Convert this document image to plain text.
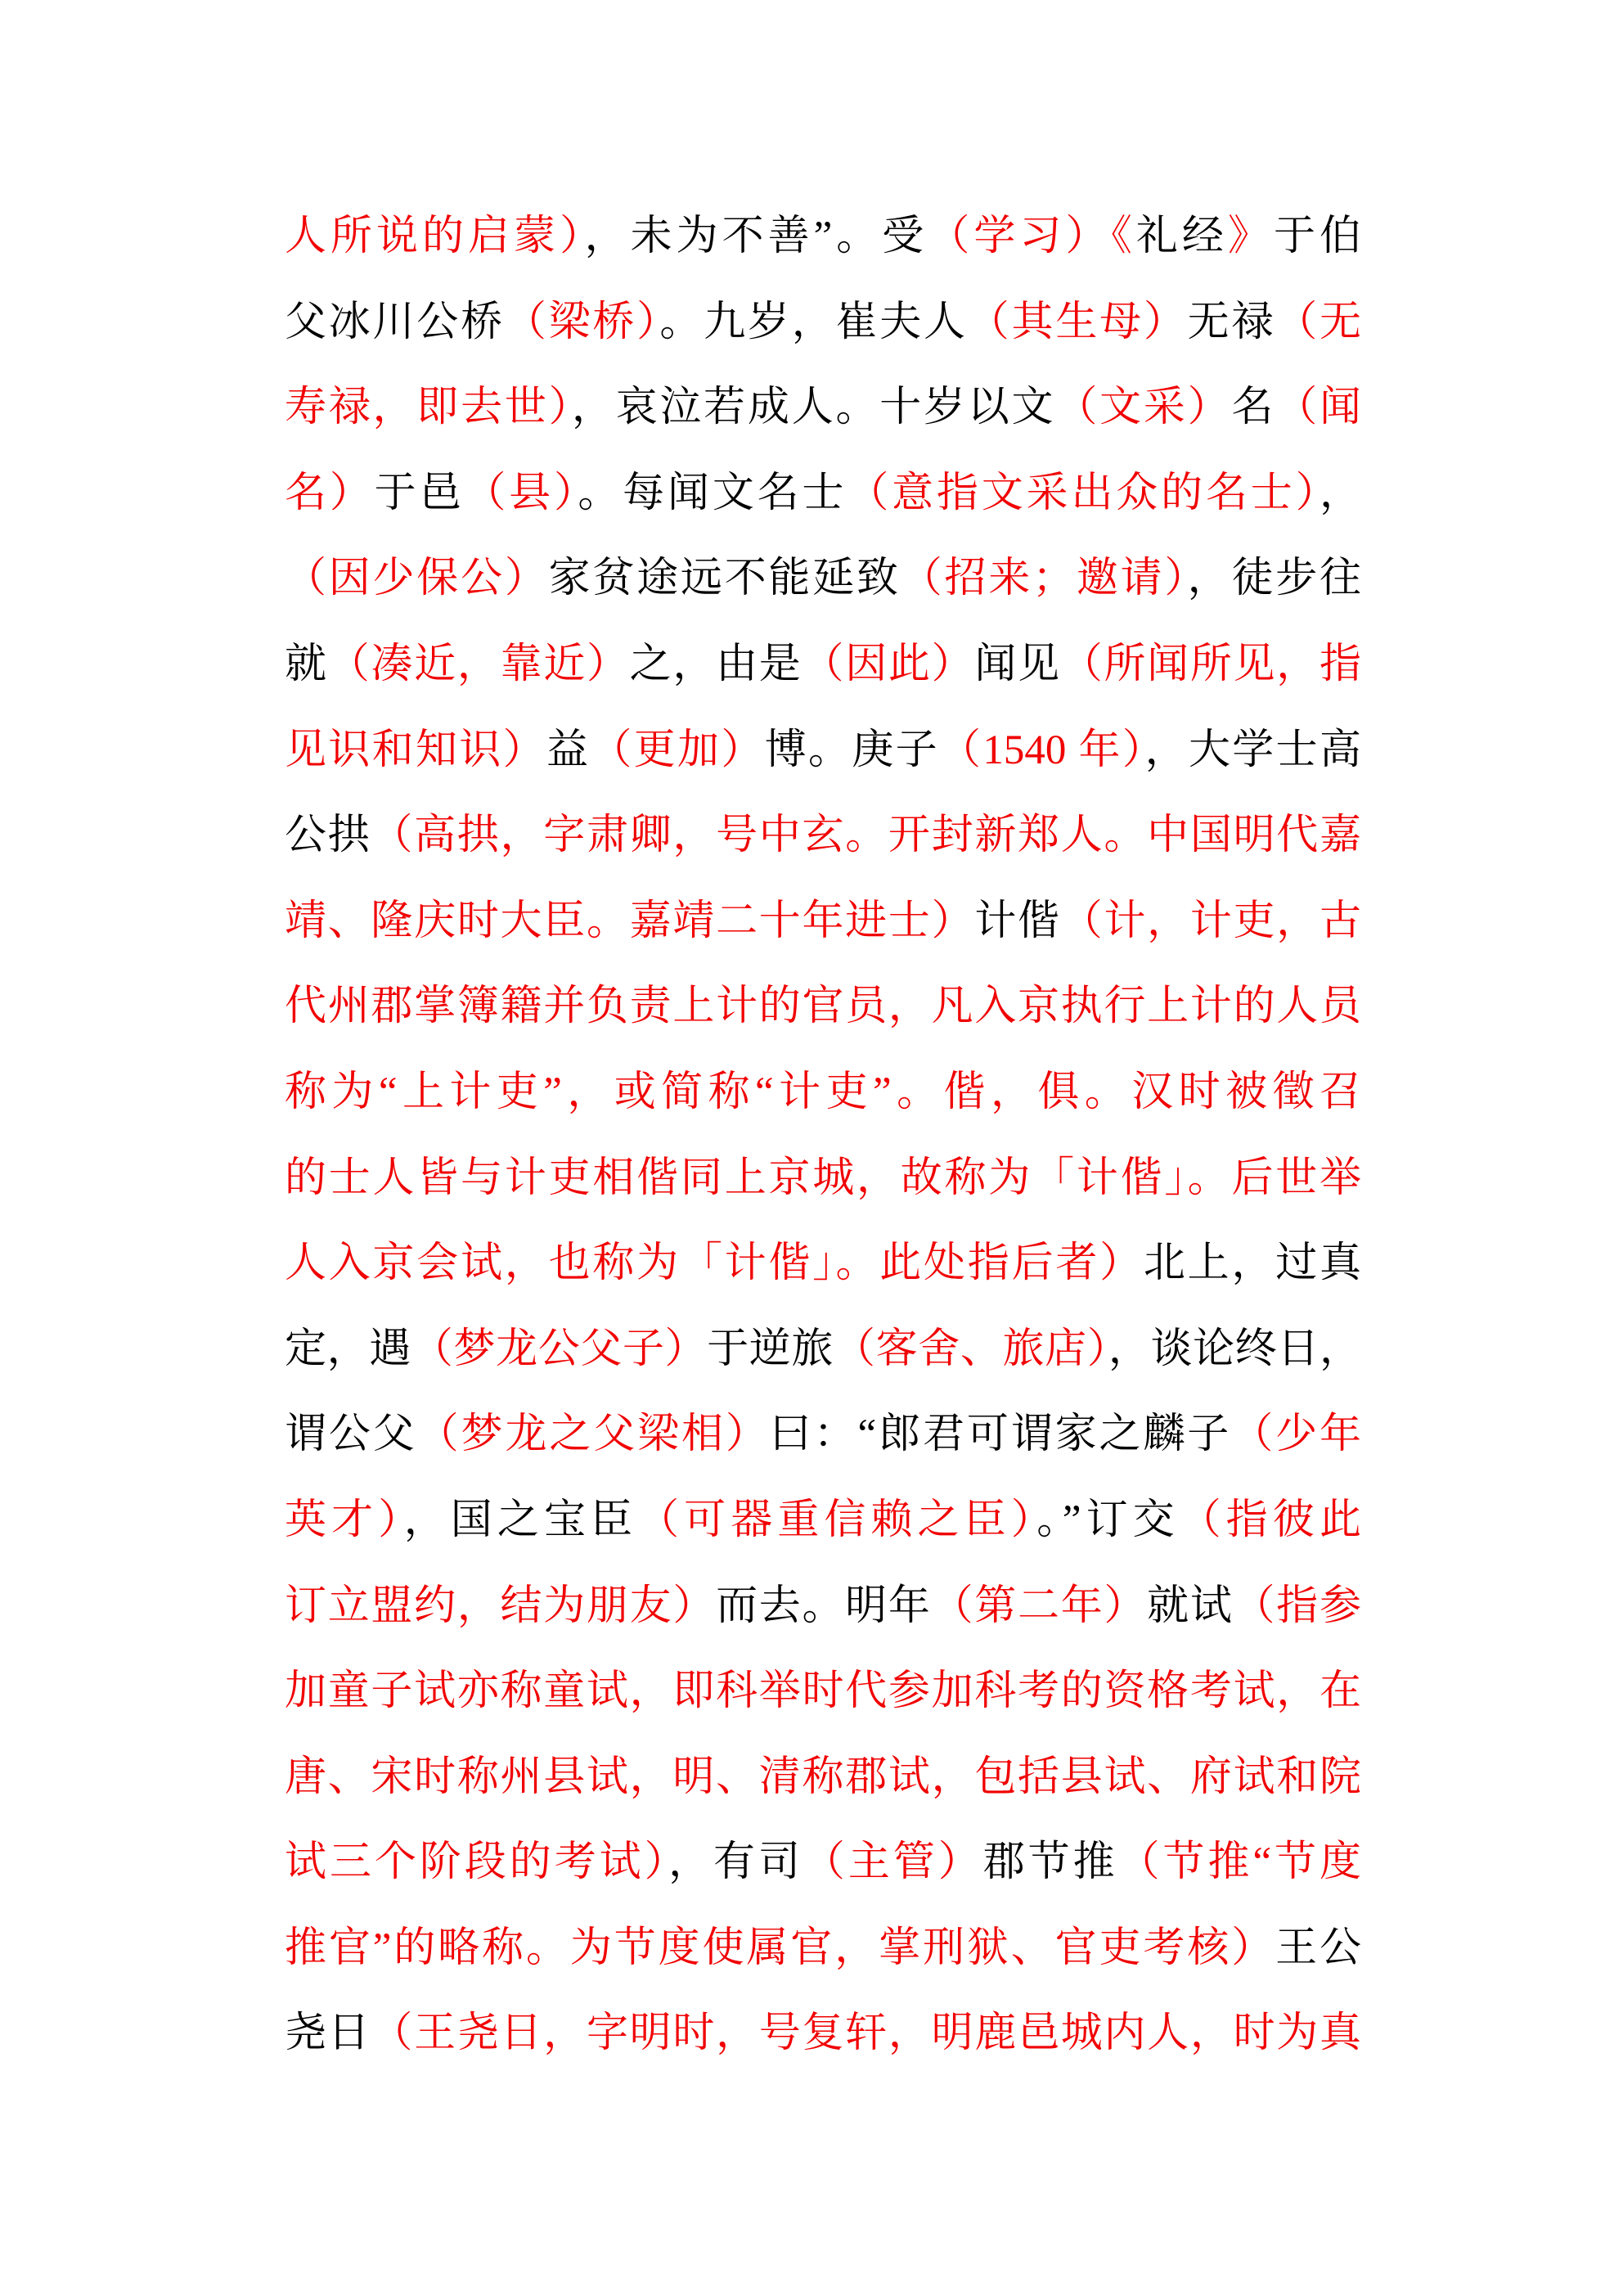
人所说的启蒙），未为不善”。受（学习）《礼经》于伯
父冰川公桥（梁桥）。九岁，崔夫人（其生母）无禄（无
寿禄，即去世），哀泣若成人。十岁以文（文采）名（闻
名）于邑（县）。每闻文名士（意指文采出众的名士），
（因少保公）家贫途远不能延致（招来；邀请），徒步往
就（凑近，靠近）之，由是（因此）闻见（所闻所见，指
见识和知识）益（更加）博。庚子（1540 年），大学士高
公拱（高拱，字肃卿，号中玄。开封新郑人。中国明代嘉
靖、隆庆时大臣。嘉靖二十年进士）计偕（计，计吏，古
代州郡掌簿籍并负责上计的官员，凡入京执行上计的人员
称为“上计吏”，或简称“计吏”。偕，俱。汉时被徵召
的士人皆与计吏相偕同上京城，故称为「计偕」。后世举
人入京会试，也称为「计偕」。此处指后者）北上，过真
定，遇（梦龙公父子）于逆旅（客舍、旅店），谈论终日，
谓公父（梦龙之父梁相）曰：“郎君可谓家之麟子（少年
英才），国之宝臣（可器重信赖之臣）。”订交（指彼此
订立盟约，结为朋友）而去。明年（第二年）就试（指参
加童子试亦称童试，即科举时代参加科考的资格考试，在
唐、宋时称州县试，明、清称郡试，包括县试、府试和院
试三个阶段的考试），有司（主管）郡节推（节推“节度
推官”的略称。为节度使属官，掌刑狱、官吏考核）王公
尧日（王尧日，字明时，号复轩，明鹿邑城内人，时为真
